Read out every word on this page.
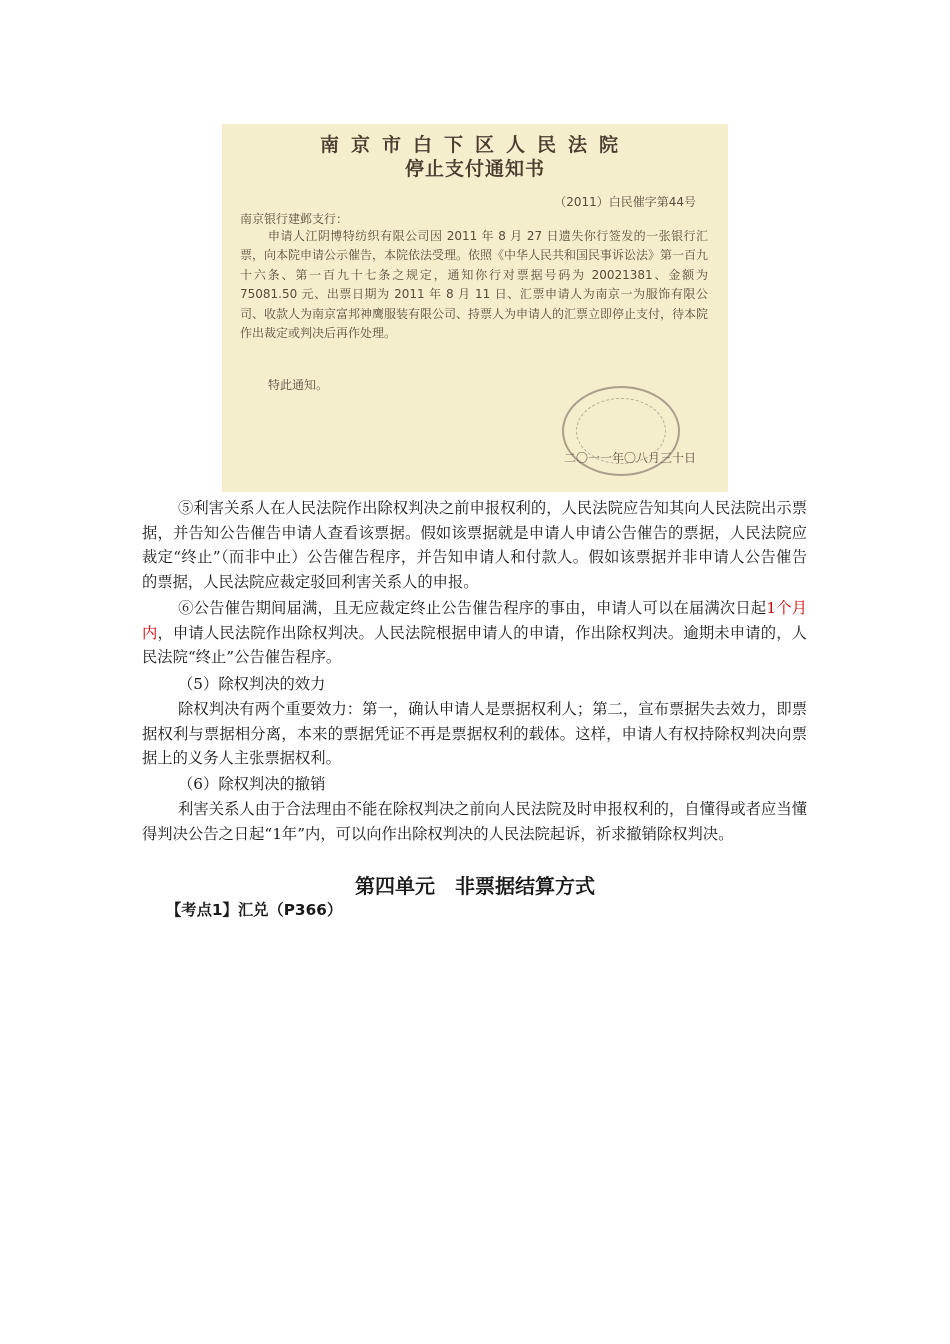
南京市白下区人民法院
停止支付通知书
（2011）白民催字第44号
南京银行建邺支行：
申请人江阴博特纺织有限公司因 2011 年 8 月 27 日遗失你行签发的一张银行汇票，向本院申请公示催告，本院依法受理。依照《中华人民共和国民事诉讼法》第一百九十六条、第一百九十七条之规定，通知你行对票据号码为 20021381、金额为 75081.50 元、出票日期为 2011 年 8 月 11 日、汇票申请人为南京一为服饰有限公司、收款人为南京富邦神鹰服装有限公司、持票人为申请人的汇票立即停止支付，待本院作出裁定或判决后再作处理。
特此通知。
二〇一一年〇八月三十日
⑤利害关系人在人民法院作出除权判决之前申报权利的，人民法院应告知其向人民法院出示票据，并告知公告催告申请人查看该票据。假如该票据就是申请人申请公告催告的票据，人民法院应裁定“终止”（而非中止）公告催告程序，并告知申请人和付款人。假如该票据并非申请人公告催告的票据，人民法院应裁定驳回利害关系人的申报。
⑥公告催告期间届满，且无应裁定终止公告催告程序的事由，申请人可以在届满次日起1个月内，申请人民法院作出除权判决。人民法院根据申请人的申请，作出除权判决。逾期未申请的，人民法院“终止”公告催告程序。
（5）除权判决的效力
除权判决有两个重要效力：第一，确认申请人是票据权利人；第二，宣布票据失去效力，即票据权利与票据相分离，本来的票据凭证不再是票据权利的载体。这样，申请人有权持除权判决向票据上的义务人主张票据权利。
（6）除权判决的撤销
利害关系人由于合法理由不能在除权判决之前向人民法院及时申报权利的，自懂得或者应当懂得判决公告之日起“1年”内，可以向作出除权判决的人民法院起诉，祈求撤销除权判决。
第四单元　非票据结算方式
【考点1】汇兑（P366）
